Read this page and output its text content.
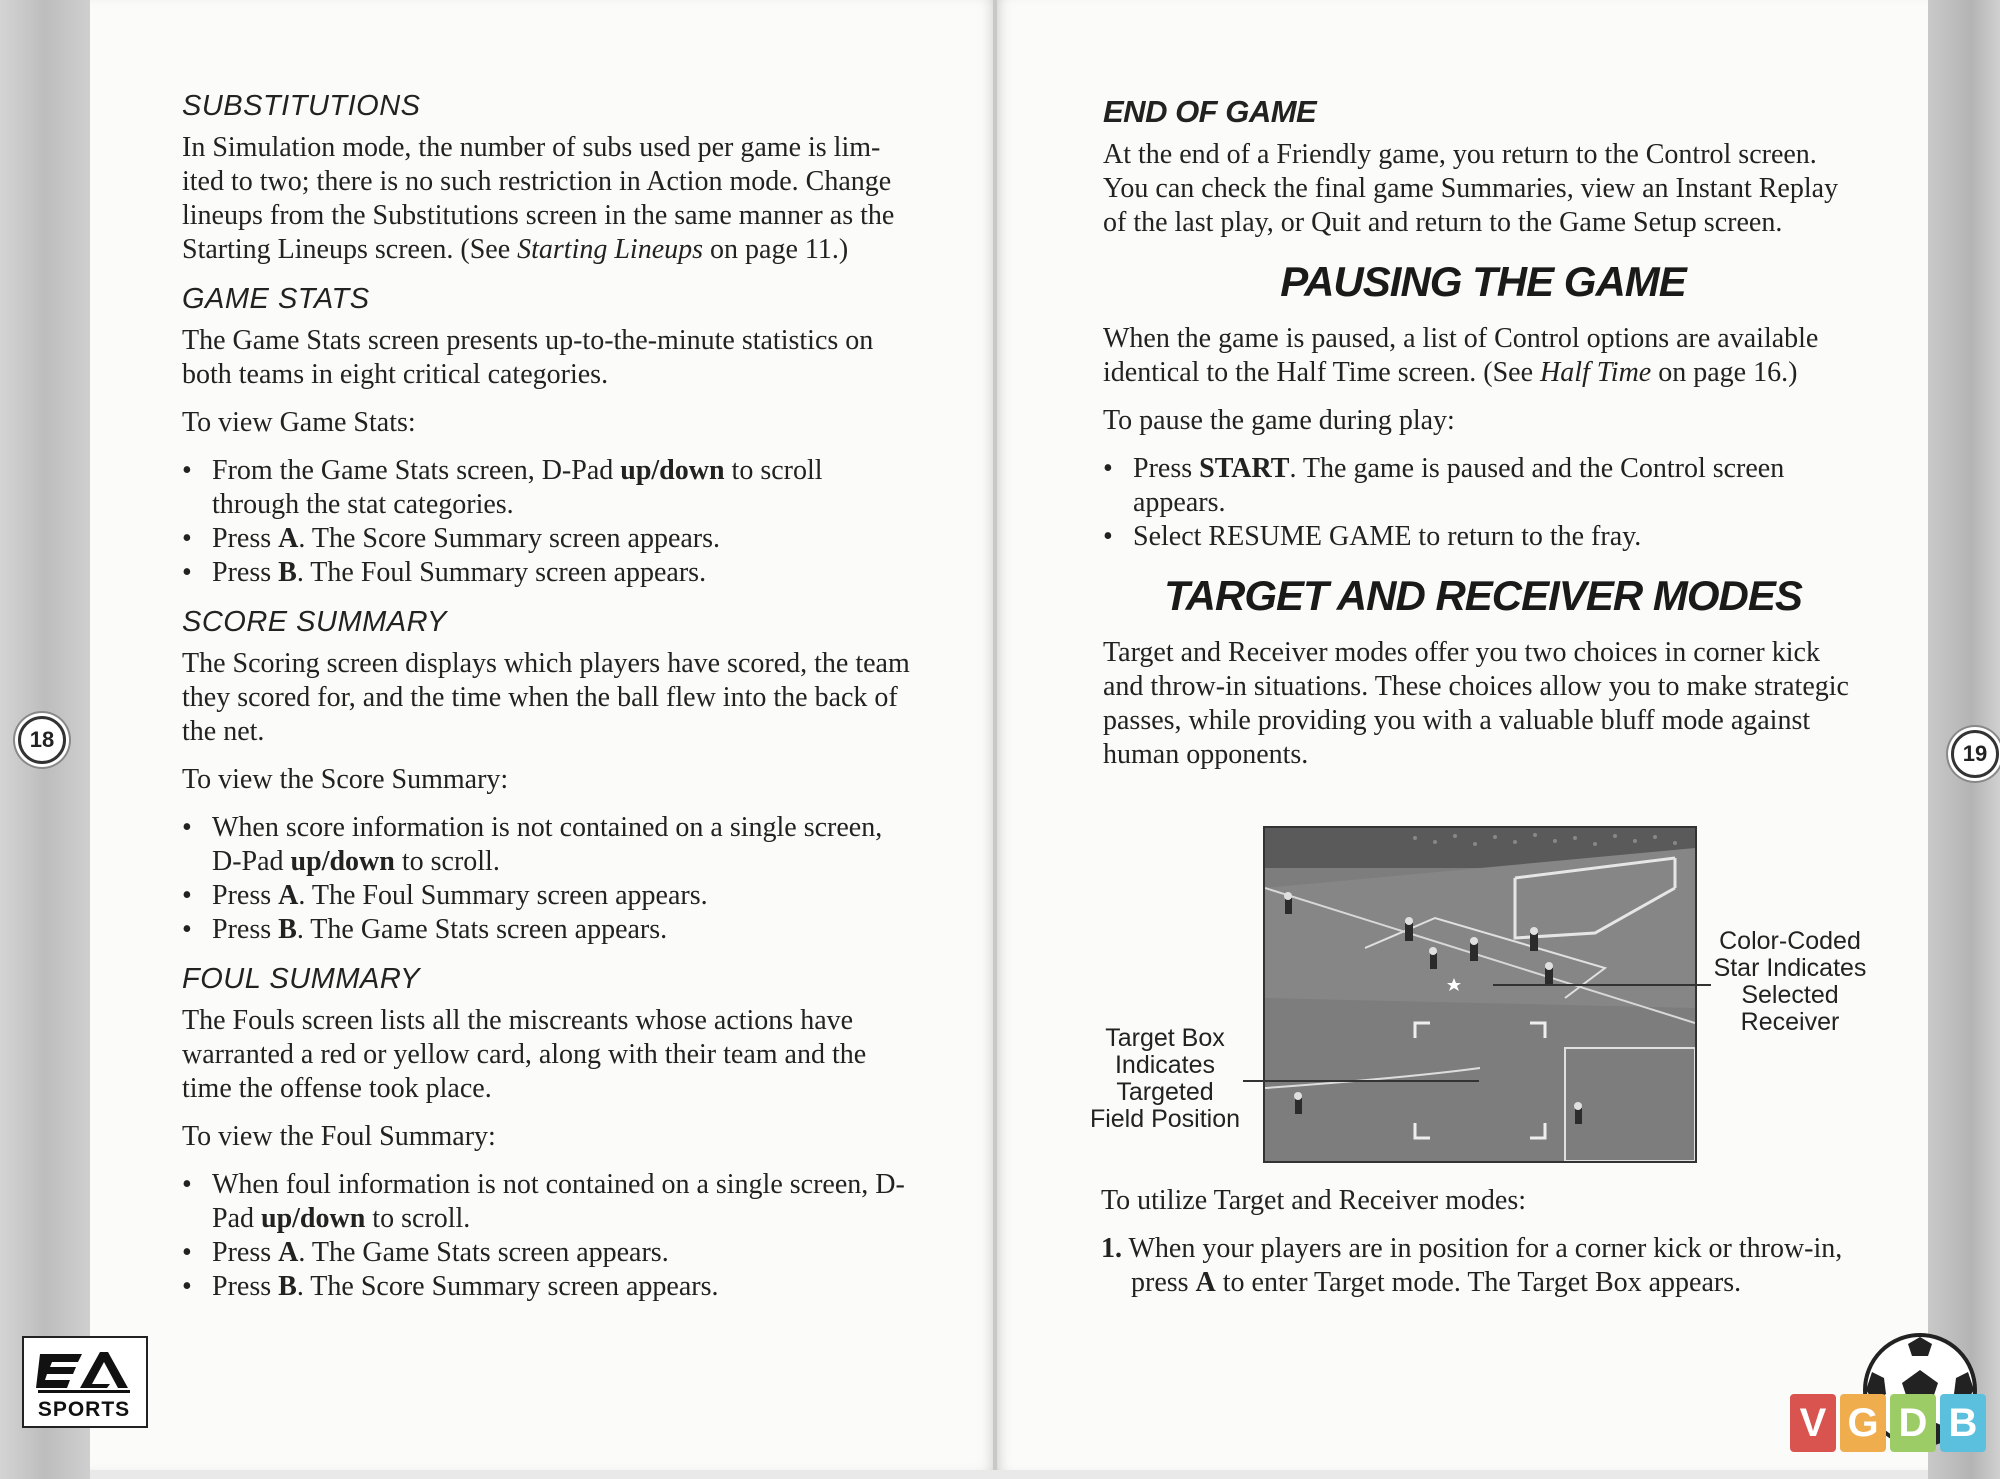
SUBSTITUTIONS

In Simulation mode, the number of subs used per game is lim- ited to two; there is no such restriction in Action mode. Change lineups from the Substitutions screen in the same manner as the Starting Lineups screen. (See Starting Lineups on page 11.)

GAME STATS

The Game Stats screen presents up-to-the-minute statistics on both teams in eight critical categories.

To view Game Stats:

• From the Game Stats screen, D-Pad up/down to scroll through the stat categories.
• Press A. The Score Summary screen appears.
• Press B. The Foul Summary screen appears.
SCORE SUMMARY

The Scoring screen displays which players have scored, the team they scored for, and the time when the ball flew into the back of the net.

To view the Score Summary:

• When score information is not contained on a single screen, D-Pad up/down to scroll.
• Press A. The Foul Summary screen appears.
• Press B. The Game Stats screen appears.
FOUL SUMMARY

The Fouls screen lists all the miscreants whose actions have warranted a red or yellow card, along with their team and the time the offense took place.

To view the Foul Summary:

• When foul information is not contained on a single screen, D-Pad up/down to scroll.
• Press A. The Game Stats screen appears.
• Press B. The Score Summary screen appears.
END OF GAME

At the end of a Friendly game, you return to the Control screen. You can check the final game Summaries, view an Instant Replay of the last play, or Quit and return to the Game Setup screen.

PAUSING THE GAME

When the game is paused, a list of Control options are available identical to the Half Time screen. (See Half Time on page 16.)

To pause the game during play:

• Press START. The game is paused and the Control screen appears.
• Select RESUME GAME to return to the fray.
TARGET AND RECEIVER MODES

Target and Receiver modes offer you two choices in corner kick and throw-in situations. These choices allow you to make strategic passes, while providing you with a valuable bluff mode against human opponents.

To utilize Target and Receiver modes:

1. When your players are in position for a corner kick or throw-in, press A to enter Target mode. The Target Box appears.

18
19
SPORTS
Color-Coded
Star Indicates
Selected
Receiver
Target Box
Indicates
Targeted
Field Position
V G D B
